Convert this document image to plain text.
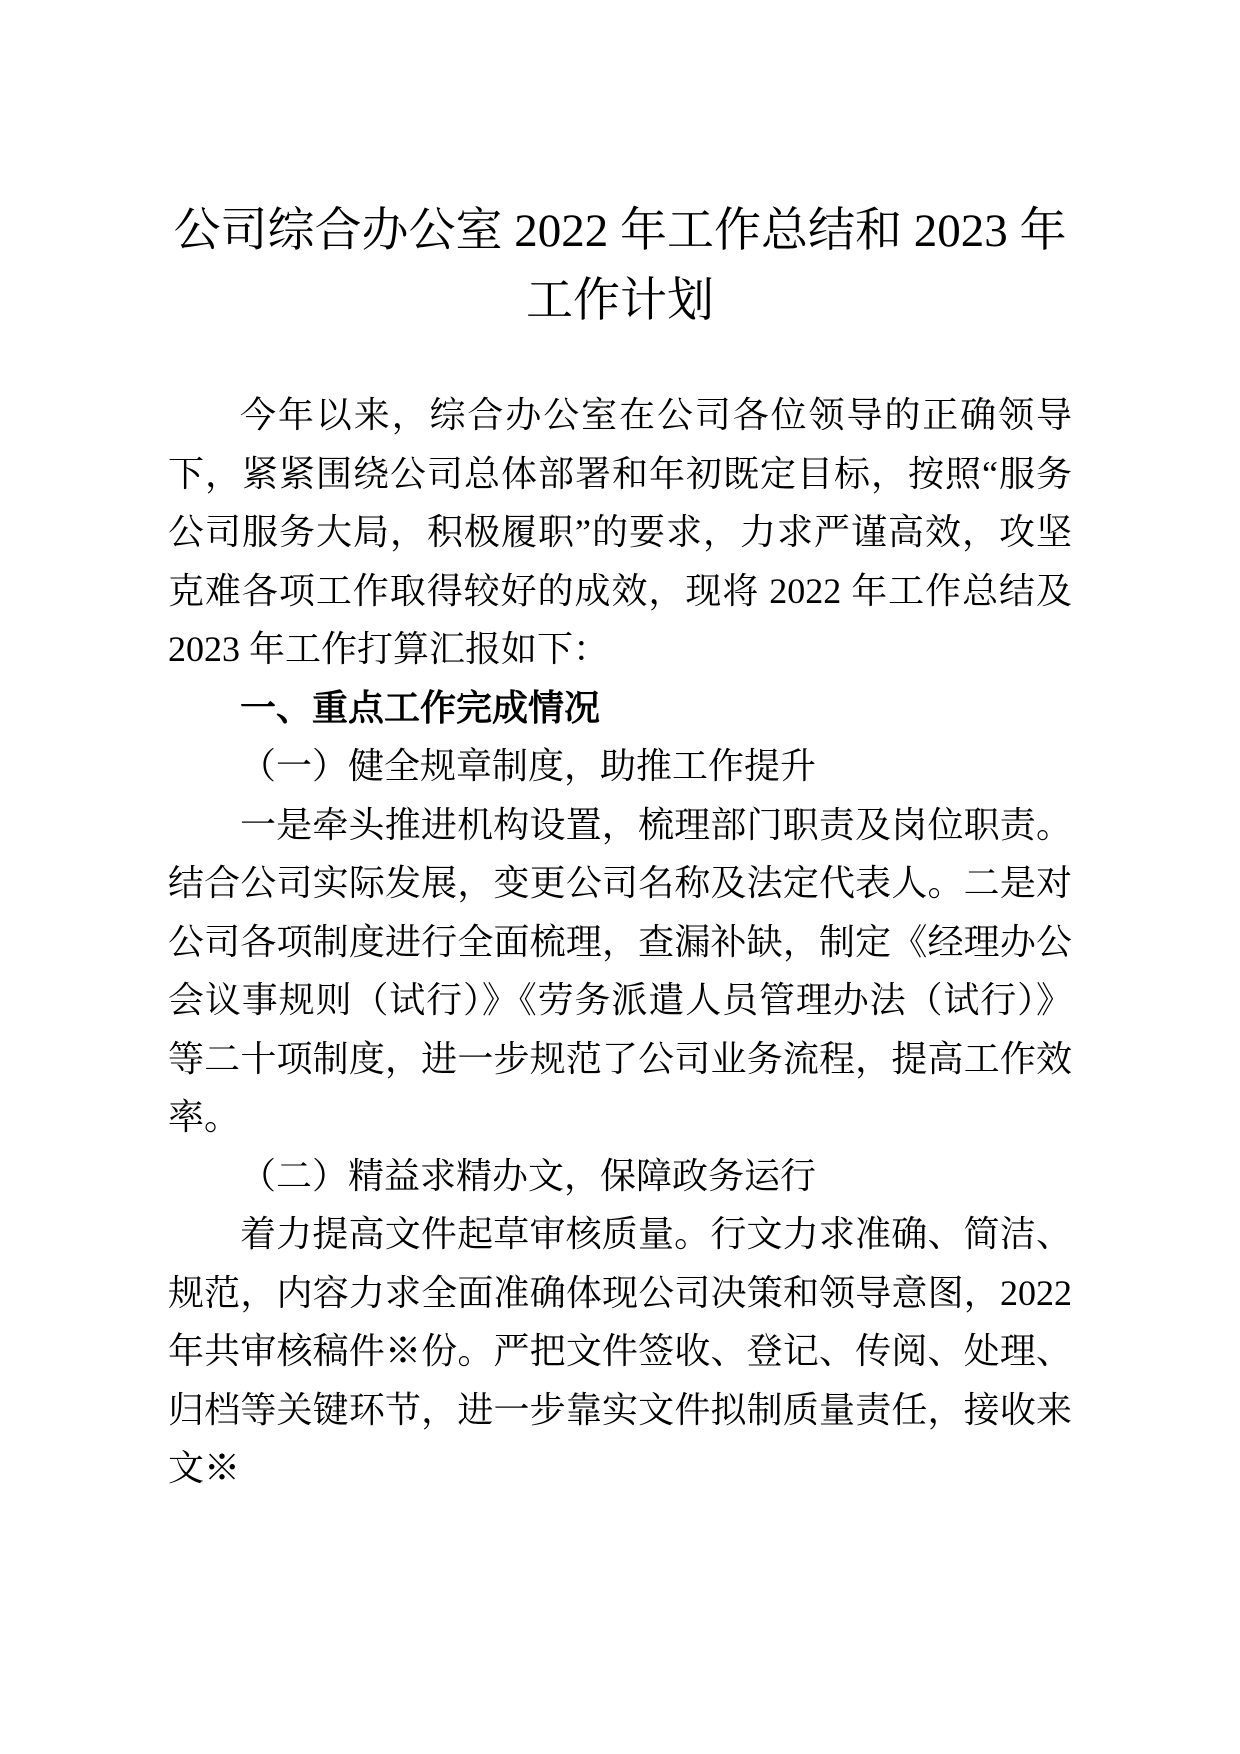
公司综合办公室 2022 年工作总结和 2023 年工作计划

今年以来，综合办公室在公司各位领导的正确领导下，紧紧围绕公司总体部署和年初既定目标，按照“服务公司服务大局，积极履职”的要求，力求严谨高效，攻坚克难各项工作取得较好的成效，现将 2022 年工作总结及 2023 年工作打算汇报如下：

一、重点工作完成情况
（一）健全规章制度，助推工作提升

一是牵头推进机构设置，梳理部门职责及岗位职责。结合公司实际发展，变更公司名称及法定代表人。二是对公司各项制度进行全面梳理，查漏补缺，制定《经理办公会议事规则（试行）》《劳务派遣人员管理办法（试行）》等二十项制度，进一步规范了公司业务流程，提高工作效率。

（二）精益求精办文，保障政务运行

着力提高文件起草审核质量。行文力求准确、简洁、规范，内容力求全面准确体现公司决策和领导意图，2022 年共审核稿件※份。严把文件签收、登记、传阅、处理、归档等关键环节，进一步靠实文件拟制质量责任，接收来文※
